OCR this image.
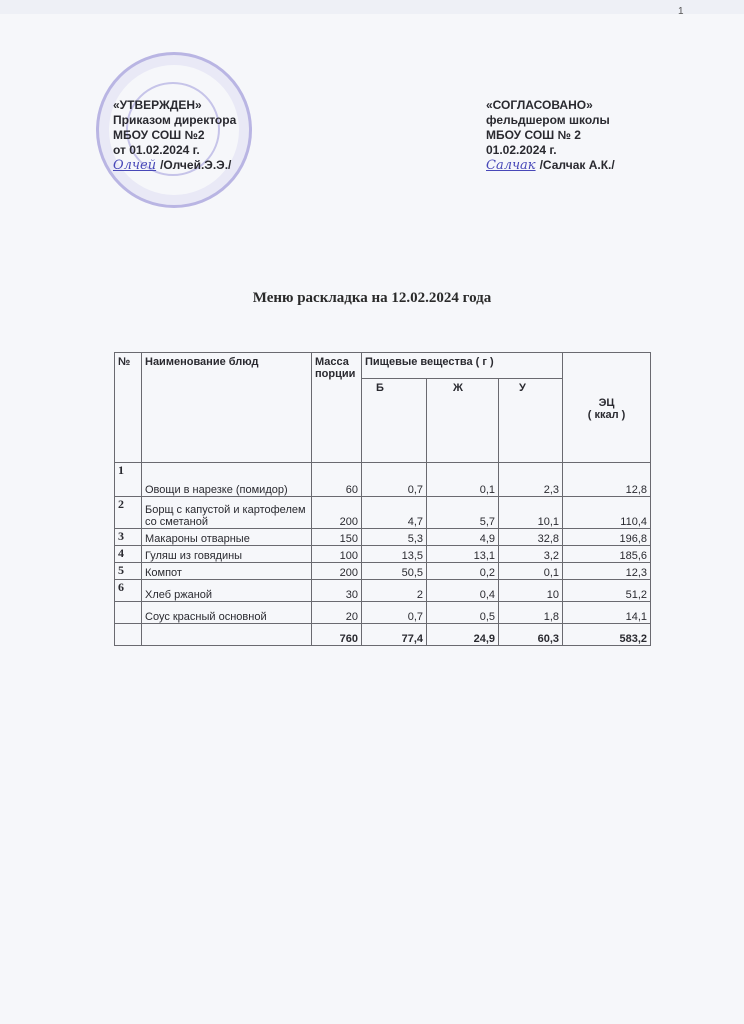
1
«УТВЕРЖДЕН»
Приказом директора
МБОУ СОШ №2
от 01.02.2024 г.
Олчей /Олчей.Э.Э./
«СОГЛАСОВАНО»
фельдшером школы
МБОУ СОШ № 2
01.02.2024 г.
Салчак /Салчак А.К./
Меню раскладка на 12.02.2024 года
№	Наименование блюд	Масса порции	Пищевые вещества ( г )			ЭЦ
( ккал )

			Б	Ж	У	
1	Овощи в нарезке (помидор)	60	0,7	0,1	2,3	12,8
2	Борщ с капустой и картофелем со сметаной	200	4,7	5,7	10,1	110,4
3	Макароны отварные	150	5,3	4,9	32,8	196,8
4	Гуляш из говядины	100	13,5	13,1	3,2	185,6
5	Компот	200	50,5	0,2	0,1	12,3
6	Хлеб ржаной	30	2	0,4	10	51,2
	Соус красный основной	20	0,7	0,5	1,8	14,1
		760	77,4	24,9	60,3	583,2
